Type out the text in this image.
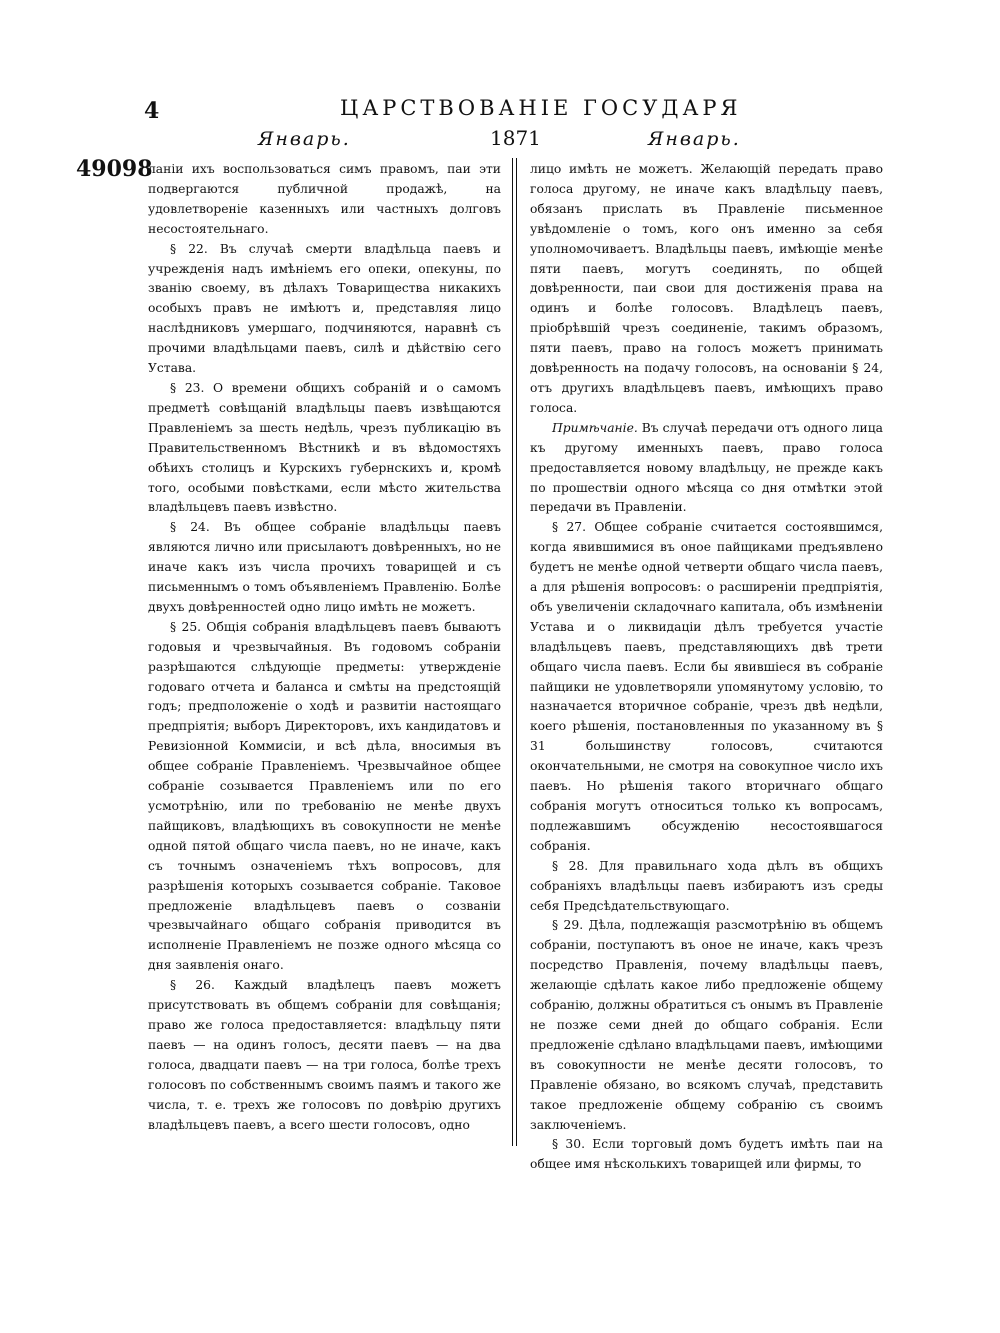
4	ЦАРСТВОВАНІЕ ГОСУДАРЯ
Январь.	1871	Январь.
49098

ланіи ихъ воспользоваться симъ правомъ, паи эти подвергаются публичной продажѣ, на удовлетвореніе казенныхъ или частныхъ долговъ несостоятельнаго.

§ 22. Въ случаѣ смерти владѣльца паевъ и учрежденія надъ имѣніемъ его опеки, опекуны, по званію своему, въ дѣлахъ Товарищества никакихъ особыхъ правъ не имѣютъ и, представляя лицо наслѣдниковъ умершаго, подчиняются, наравнѣ съ прочими владѣльцами паевъ, силѣ и дѣйствію сего Устава.

§ 23. О времени общихъ собраній и о самомъ предметѣ совѣщаній владѣльцы паевъ извѣщаются Правленіемъ за шесть недѣль, чрезъ публикацію въ Правительственномъ Вѣстникѣ и въ вѣдомостяхъ обѣихъ столицъ и Курскихъ губернскихъ и, кромѣ того, особыми повѣстками, если мѣсто жительства владѣльцевъ паевъ извѣстно.

§ 24. Въ общее собраніе владѣльцы паевъ являются лично или присылаютъ довѣренныхъ, но не иначе какъ изъ числа прочихъ товарищей и съ письменнымъ о томъ объявленіемъ Правленію. Болѣе двухъ довѣренностей одно лицо имѣть не можетъ.

§ 25. Общія собранія владѣльцевъ паевъ бываютъ годовыя и чрезвычайныя. Въ годовомъ собраніи разрѣшаются слѣдующіе предметы: утвержденіе годоваго отчета и баланса и смѣты на предстоящій годъ; предположеніе о ходѣ и развитіи настоящаго предпріятія; выборъ Директоровъ, ихъ кандидатовъ и Ревизіонной Коммисіи, и всѣ дѣла, вносимыя въ общее собраніе Правленіемъ. Чрезвычайное общее собраніе созывается Правленіемъ или по его усмотрѣнію, или по требованію не менѣе двухъ пайщиковъ, владѣющихъ въ совокупности не менѣе одной пятой общаго числа паевъ, но не иначе, какъ съ точнымъ означеніемъ тѣхъ вопросовъ, для разрѣшенія которыхъ созывается собраніе. Таковое предложеніе владѣльцевъ паевъ о созваніи чрезвычайнаго общаго собранія приводится въ исполненіе Правленіемъ не позже одного мѣсяца со дня заявленія онаго.

§ 26. Каждый владѣлецъ паевъ можетъ присутствовать въ общемъ собраніи для совѣщанія; право же голоса предоставляется: владѣльцу пяти паевъ — на одинъ голосъ, десяти паевъ — на два голоса, двадцати паевъ — на три голоса, болѣе трехъ голосовъ по собственнымъ своимъ паямъ и такого же числа, т. е. трехъ же голосовъ по довѣрію другихъ владѣльцевъ паевъ, а всего шести голосовъ, одно

лицо имѣть не можетъ. Желающій передать право голоса другому, не иначе какъ владѣльцу паевъ, обязанъ прислать въ Правленіе письменное увѣдомленіе о томъ, кого онъ именно за себя уполномочиваетъ. Владѣльцы паевъ, имѣющіе менѣе пяти паевъ, могутъ соединять, по общей довѣренности, паи свои для достиженія права на одинъ и болѣе голосовъ. Владѣлецъ паевъ, пріобрѣвшій чрезъ соединеніе, такимъ образомъ, пяти паевъ, право на голосъ можетъ принимать довѣренность на подачу голосовъ, на основаніи § 24, отъ другихъ владѣльцевъ паевъ, имѣющихъ право голоса.

Примѣчаніе. Въ случаѣ передачи отъ одного лица къ другому именныхъ паевъ, право голоса предоставляется новому владѣльцу, не прежде какъ по прошествіи одного мѣсяца со дня отмѣтки этой передачи въ Правленіи.

§ 27. Общее собраніе считается состоявшимся, когда явившимися въ оное пайщиками предъявлено будетъ не менѣе одной четверти общаго числа паевъ, а для рѣшенія вопросовъ: о расширеніи предпріятія, объ увеличеніи складочнаго капитала, объ измѣненіи Устава и о ликвидаціи дѣлъ требуется участіе владѣльцевъ паевъ, представляющихъ двѣ трети общаго числа паевъ. Если бы явившіеся въ собраніе пайщики не удовлетворяли упомянутому условію, то назначается вторичное собраніе, чрезъ двѣ недѣли, коего рѣшенія, постановленныя по указанному въ § 31 большинству голосовъ, считаются окончательными, не смотря на совокупное число ихъ паевъ. Но рѣшенія такого вторичнаго общаго собранія могутъ относиться только къ вопросамъ, подлежавшимъ обсужденію несостоявшагося собранія.

§ 28. Для правильнаго хода дѣлъ въ общихъ собраніяхъ владѣльцы паевъ избираютъ изъ среды себя Предсѣдательствующаго.

§ 29. Дѣла, подлежащія разсмотрѣнію въ общемъ собраніи, поступаютъ въ оное не иначе, какъ чрезъ посредство Правленія, почему владѣльцы паевъ, желающіе сдѣлать какое либо предложеніе общему собранію, должны обратиться съ онымъ въ Правленіе не позже семи дней до общаго собранія. Если предложеніе сдѣлано владѣльцами паевъ, имѣющими въ совокупности не менѣе десяти голосовъ, то Правленіе обязано, во всякомъ случаѣ, представить такое предложеніе общему собранію съ своимъ заключеніемъ.

§ 30. Если торговый домъ будетъ имѣть паи на общее имя нѣсколькихъ товарищей или фирмы, то
